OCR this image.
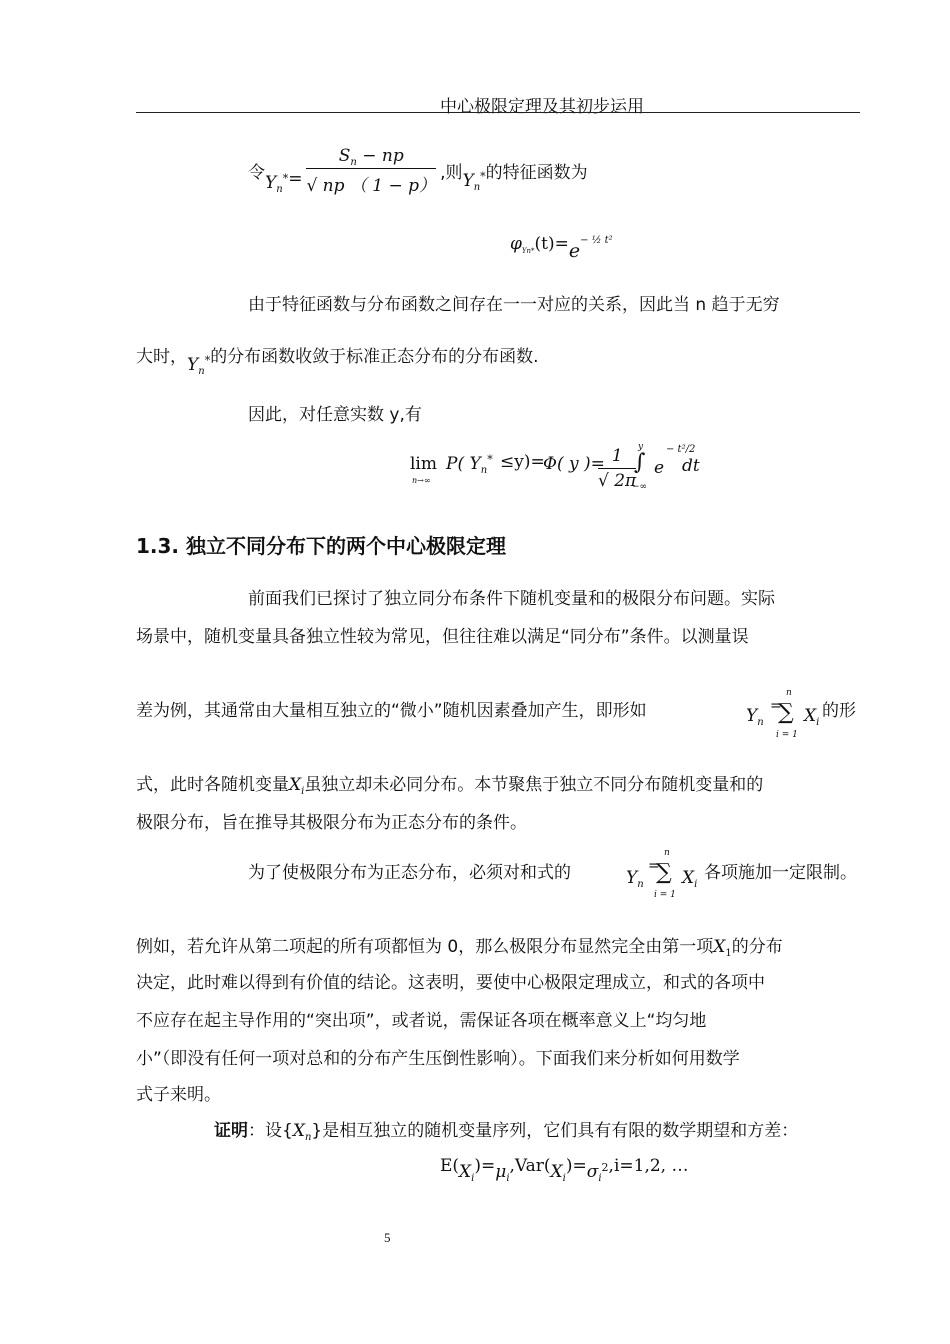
中心极限定理及其初步运用
令$Y_n^*= \frac{S_n - np}{√ np ( 1 - p)}$ ,则$Y_n^*$的特征函数为
$\varphi_{Yn*}(t)=e^{- \frac{1}{2} t^2}$
由于特征函数与分布函数之间存在一一对应的关系，因此当 n 趋于无穷
大时，$Y_n^*$的分布函数收敛于标准正态分布的分布函数.
因此，对任意实数 y,有
lim
n→∞
P( $Y_n^* \le y)=$
Φ( y )=
$\frac{1}{√ 2\pi}$ y
∫
−∞
e
− t²/2
dt
1.3. 独立不同分布下的两个中心极限定理
前面我们已探讨了独立同分布条件下随机变量和的极限分布问题。实际
场景中，随机变量具备独立性较为常见，但往往难以满足“同分布”条件。以测量误
差为例，其通常由大量相互独立的“微小”随机因素叠加产生，即形如	$Y_n$
=
n
∑
i = 1
$X_i$
的形
式，此时各随机变量$X_i$虽独立却未必同分布。本节聚焦于独立不同分布随机变量和的
极限分布，旨在推导其极限分布为正态分布的条件。
为了使极限分布为正态分布，必须对和式的	$Y_n$
=
n
∑
i = 1
$X_i$
各项施加一定限制。
例如，若允许从第二项起的所有项都恒为 0，那么极限分布显然完全由第一项$X_1$的分布
决定，此时难以得到有价值的结论。这表明，要使中心极限定理成立，和式的各项中
不应存在起主导作用的“突出项”，或者说，需保证各项在概率意义上“均匀地
小”（即没有任何一项对总和的分布产生压倒性影响）。下面我们来分析如何用数学
式子来明。
证明：设$\{X_n\}$是相互独立的随机变量序列，它们具有有限的数学期望和方差：
$E(X_i)=\mu_i,Var(X_i)=\sigma_i^2,i=1,2$, …
5
